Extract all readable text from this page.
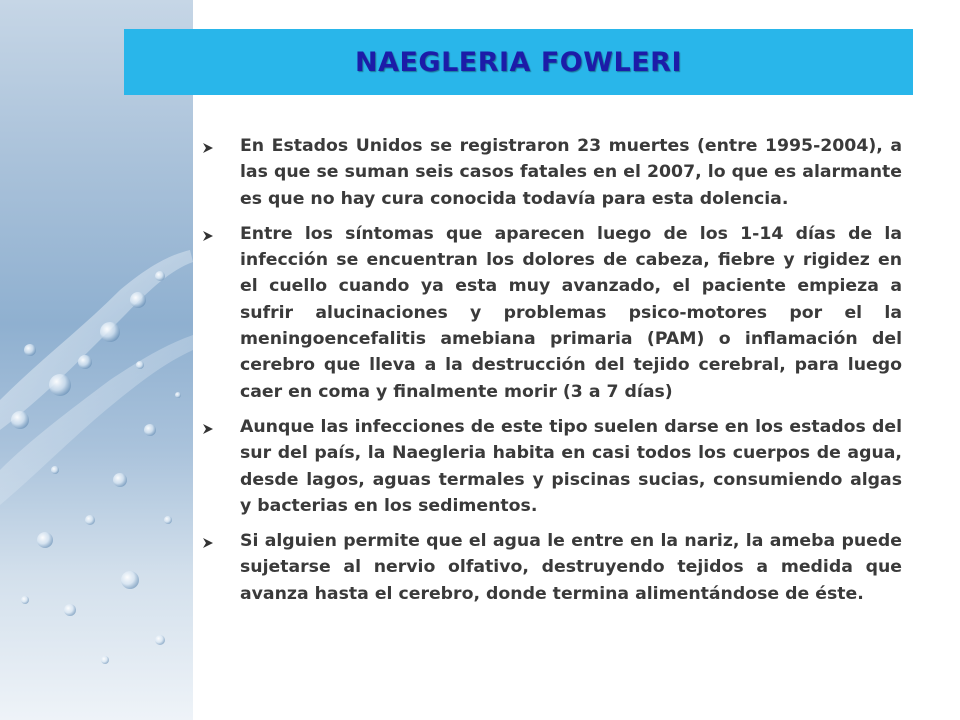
NAEGLERIA FOWLERI

En Estados Unidos se registraron 23 muertes (entre 1995-2004), a las que se suman seis casos fatales en el 2007, lo que es alarmante es que no hay cura conocida todavía para esta dolencia.

Entre los síntomas que aparecen luego de los 1-14 días de la infección se encuentran los dolores de cabeza, fiebre y rigidez en el cuello cuando ya esta muy avanzado, el paciente empieza a sufrir alucinaciones y problemas psico-motores por el la meningoencefalitis amebiana primaria (PAM) o inflamación del cerebro que lleva a la destrucción del tejido cerebral, para luego caer en coma y finalmente morir (3 a 7 días)

Aunque las infecciones de este tipo suelen darse en los estados del sur del país, la Naegleria habita en casi todos los cuerpos de agua, desde lagos, aguas termales y piscinas sucias, consumiendo algas y bacterias en los sedimentos.

Si alguien permite que el agua le entre en la nariz, la ameba puede sujetarse al nervio olfativo, destruyendo tejidos a medida que avanza hasta el cerebro, donde termina alimentándose de éste.
